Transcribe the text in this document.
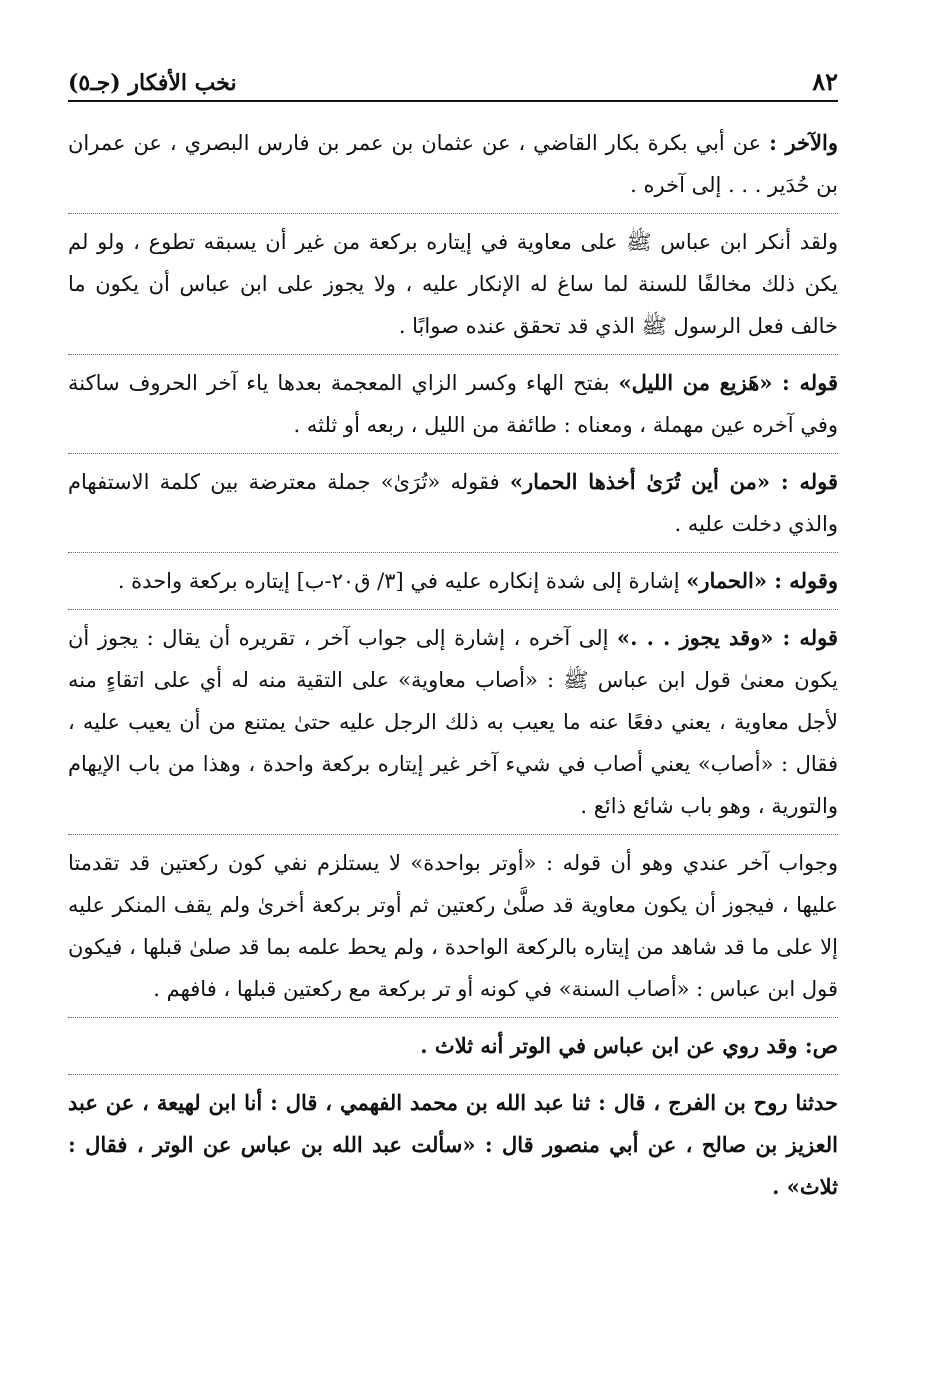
٨٢
نخب الأفكار (جـ٥)

والآخر : عن أبي بكرة بكار القاضي ، عن عثمان بن عمر بن فارس البصري ، عن عمران بن حُدَير . . . إلى آخره .

ولقد أنكر ابن عباس ﷺ على معاوية في إيتاره بركعة من غير أن يسبقه تطوع ، ولو لم يكن ذلك مخالفًا للسنة لما ساغ له الإنكار عليه ، ولا يجوز على ابن عباس أن يكون ما خالف فعل الرسول ﷺ الذي قد تحقق عنده صوابًا .

قوله : «هَزيع من الليل» بفتح الهاء وكسر الزاي المعجمة بعدها ياء آخر الحروف ساكنة وفي آخره عين مهملة ، ومعناه : طائفة من الليل ، ربعه أو ثلثه .

قوله : «من أين تُرَىٰ أخذها الحمار» فقوله «تُرَىٰ» جملة معترضة بين كلمة الاستفهام والذي دخلت عليه .

وقوله : «الحمار» إشارة إلى شدة إنكاره عليه في [٣/ ق٢٠-ب] إيتاره بركعة واحدة .

قوله : «وقد يجوز . . .» إلى آخره ، إشارة إلى جواب آخر ، تقريره أن يقال : يجوز أن يكون معنىٰ قول ابن عباس ﷺ : «أصاب معاوية» على التقية منه له أي على اتقاءٍ منه لأجل معاوية ، يعني دفعًا عنه ما يعيب به ذلك الرجل عليه حتىٰ يمتنع من أن يعيب عليه ، فقال : «أصاب» يعني أصاب في شيء آخر غير إيتاره بركعة واحدة ، وهذا من باب الإيهام والتورية ، وهو باب شائع ذائع .

وجواب آخر عندي وهو أن قوله : «أوتر بواحدة» لا يستلزم نفي كون ركعتين قد تقدمتا عليها ، فيجوز أن يكون معاوية قد صلَّىٰ ركعتين ثم أوتر بركعة أخرىٰ ولم يقف المنكر عليه إلا على ما قد شاهد من إيتاره بالركعة الواحدة ، ولم يحط علمه بما قد صلىٰ قبلها ، فيكون قول ابن عباس : «أصاب السنة» في كونه أو تر بركعة مع ركعتين قبلها ، فافهم .

ص: وقد روي عن ابن عباس في الوتر أنه ثلاث .

حدثنا روح بن الفرج ، قال : ثنا عبد الله بن محمد الفهمي ، قال : أنا ابن لهيعة ، عن عبد العزيز بن صالح ، عن أبي منصور قال : «سألت عبد الله بن عباس عن الوتر ، فقال : ثلاث» .
